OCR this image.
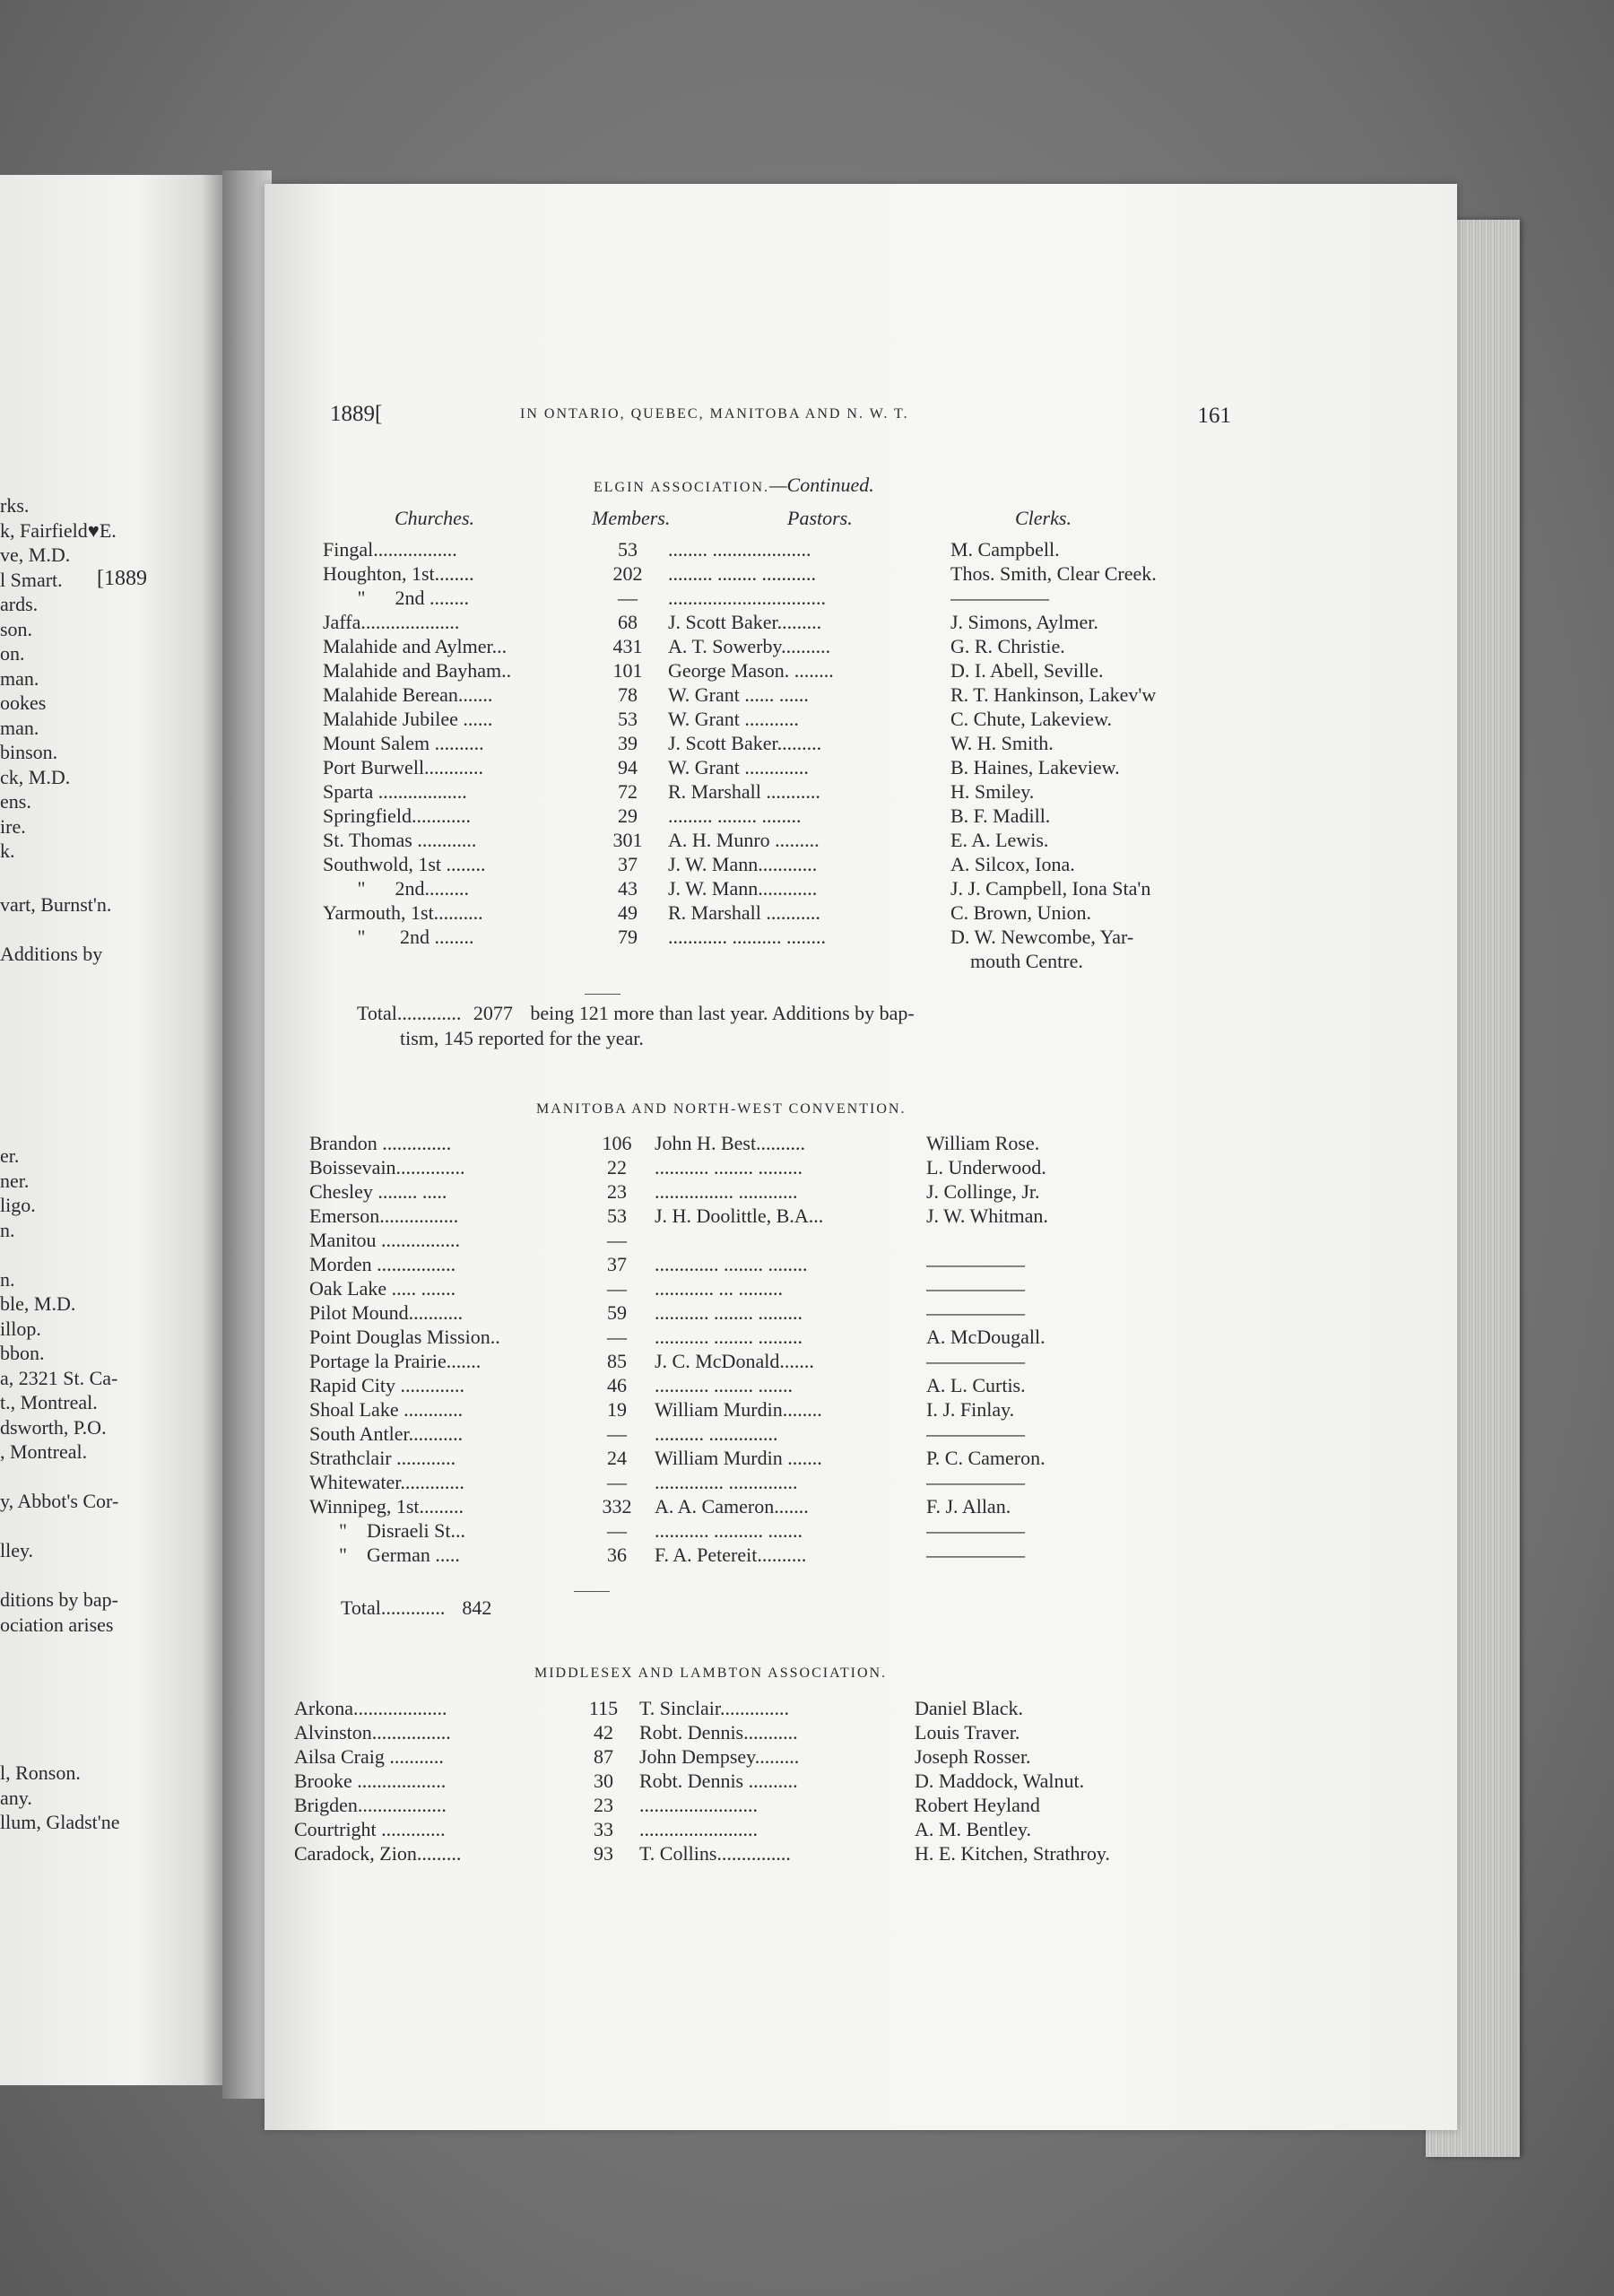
[1889
rks.
k, Fairfield♥E.
ve, M.D.
l Smart.
ards.
son.
on.
man.
ookes
man.
binson.
ck, M.D.
ens.
ire.
k.
vart, Burnst'n.
Additions by
er.
ner.
ligo.
n.
n.
ble, M.D.
illop.
bbon.
a, 2321 St. Ca-
t., Montreal.
dsworth, P.O.
, Montreal.
y, Abbot's Cor-
lley.
ditions by bap-
ociation arises
l, Ronson.
any.
llum, Gladst'ne
1889[	IN ONTARIO, QUEBEC, MANITOBA AND N. W. T.	161
ELGIN ASSOCIATION.—Continued.
Churches.	Members.	Pastors.	Clerks.
Fingal.................	53	........ ....................	M. Campbell.
Houghton, 1st........	202	......... ........ ...........	Thos. Smith, Clear Creek.
"      2nd ........	—	................................	—————
Jaffa....................	68	J. Scott Baker.........	J. Simons, Aylmer.
Malahide and Aylmer...	431	A. T. Sowerby..........	G. R. Christie.
Malahide and Bayham..	101	George Mason. ........	D. I. Abell, Seville.
Malahide Berean.......	78	W. Grant ...... ......	R. T. Hankinson, Lakev'w
Malahide Jubilee ......	53	W. Grant ...........	C. Chute, Lakeview.
Mount Salem ..........	39	J. Scott Baker.........	W. H. Smith.
Port Burwell............	94	W. Grant .............	B. Haines, Lakeview.
Sparta ..................	72	R. Marshall ...........	H. Smiley.
Springfield............	29	......... ........ ........	B. F. Madill.
St. Thomas ............	301	A. H. Munro .........	E. A. Lewis.
Southwold, 1st ........	37	J. W. Mann............	A. Silcox, Iona.
"      2nd.........	43	J. W. Mann............	J. J. Campbell, Iona Sta'n
Yarmouth, 1st..........	49	R. Marshall ...........	C. Brown, Union.
"       2nd ........	79	............ .......... ........	D. W. Newcombe, Yar-
mouth Centre.
Total............. 2077 being 121 more than last year. Additions by bap-
tism, 145 reported for the year.
MANITOBA AND NORTH-WEST CONVENTION.
Brandon ..............	106	John H. Best..........	William Rose.
Boissevain..............	22	........... ........ .........	L. Underwood.
Chesley ........ .....	23	................ ............	J. Collinge, Jr.
Emerson................	53	J. H. Doolittle, B.A...	J. W. Whitman.
Manitou ................	—
Morden ................	37	............. ........ ........	—————
Oak Lake ..... .......	—	............ ... .........	—————
Pilot Mound...........	59	........... ........ .........	—————
Point Douglas Mission..	—	........... ........ .........	A. McDougall.
Portage la Prairie.......	85	J. C. McDonald.......	—————
Rapid City .............	46	........... ........ .......	A. L. Curtis.
Shoal Lake ............	19	William Murdin........	I. J. Finlay.
South Antler...........	—	.......... ..............	—————
Strathclair ............	24	William Murdin .......	P. C. Cameron.
Whitewater.............	—	.............. ..............	—————
Winnipeg, 1st.........	332	A. A. Cameron.......	F. J. Allan.
"    Disraeli St...	—	........... .......... .......	—————
"    German .....	36	F. A. Petereit..........	—————
Total............. 842
MIDDLESEX AND LAMBTON ASSOCIATION.
Arkona...................	115	T. Sinclair..............	Daniel Black.
Alvinston................	42	Robt. Dennis...........	Louis Traver.
Ailsa Craig ...........	87	John Dempsey.........	Joseph Rosser.
Brooke ..................	30	Robt. Dennis ..........	D. Maddock, Walnut.
Brigden..................	23	........................	Robert Heyland
Courtright .............	33	........................	A. M. Bentley.
Caradock, Zion.........	93	T. Collins...............	H. E. Kitchen, Strathroy.
